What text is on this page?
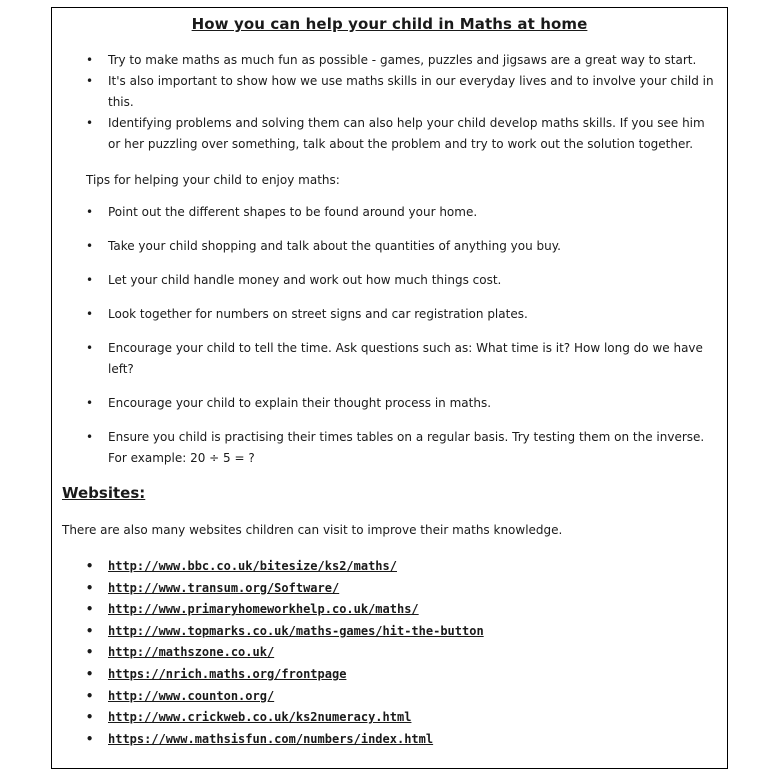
How you can help your child in Maths at home
• Try to make maths as much fun as possible - games, puzzles and jigsaws are a great way to start.
• It's also important to show how we use maths skills in our everyday lives and to involve your child in this.
• Identifying problems and solving them can also help your child develop maths skills. If you see him or her puzzling over something, talk about the problem and try to work out the solution together.

Tips for helping your child to enjoy maths:

• Point out the different shapes to be found around your home.
• Take your child shopping and talk about the quantities of anything you buy.
• Let your child handle money and work out how much things cost.
• Look together for numbers on street signs and car registration plates.
• Encourage your child to tell the time. Ask questions such as: What time is it? How long do we have left?
• Encourage your child to explain their thought process in maths.
• Ensure you child is practising their times tables on a regular basis. Try testing them on the inverse. For example: 20 ÷ 5 = ?
Websites:

There are also many websites children can visit to improve their maths knowledge.

• http://www.bbc.co.uk/bitesize/ks2/maths/
• http://www.transum.org/Software/
• http://www.primaryhomeworkhelp.co.uk/maths/
• http://www.topmarks.co.uk/maths-games/hit-the-button
• http://mathszone.co.uk/
• https://nrich.maths.org/frontpage
• http://www.counton.org/
• http://www.crickweb.co.uk/ks2numeracy.html
• https://www.mathsisfun.com/numbers/index.html
